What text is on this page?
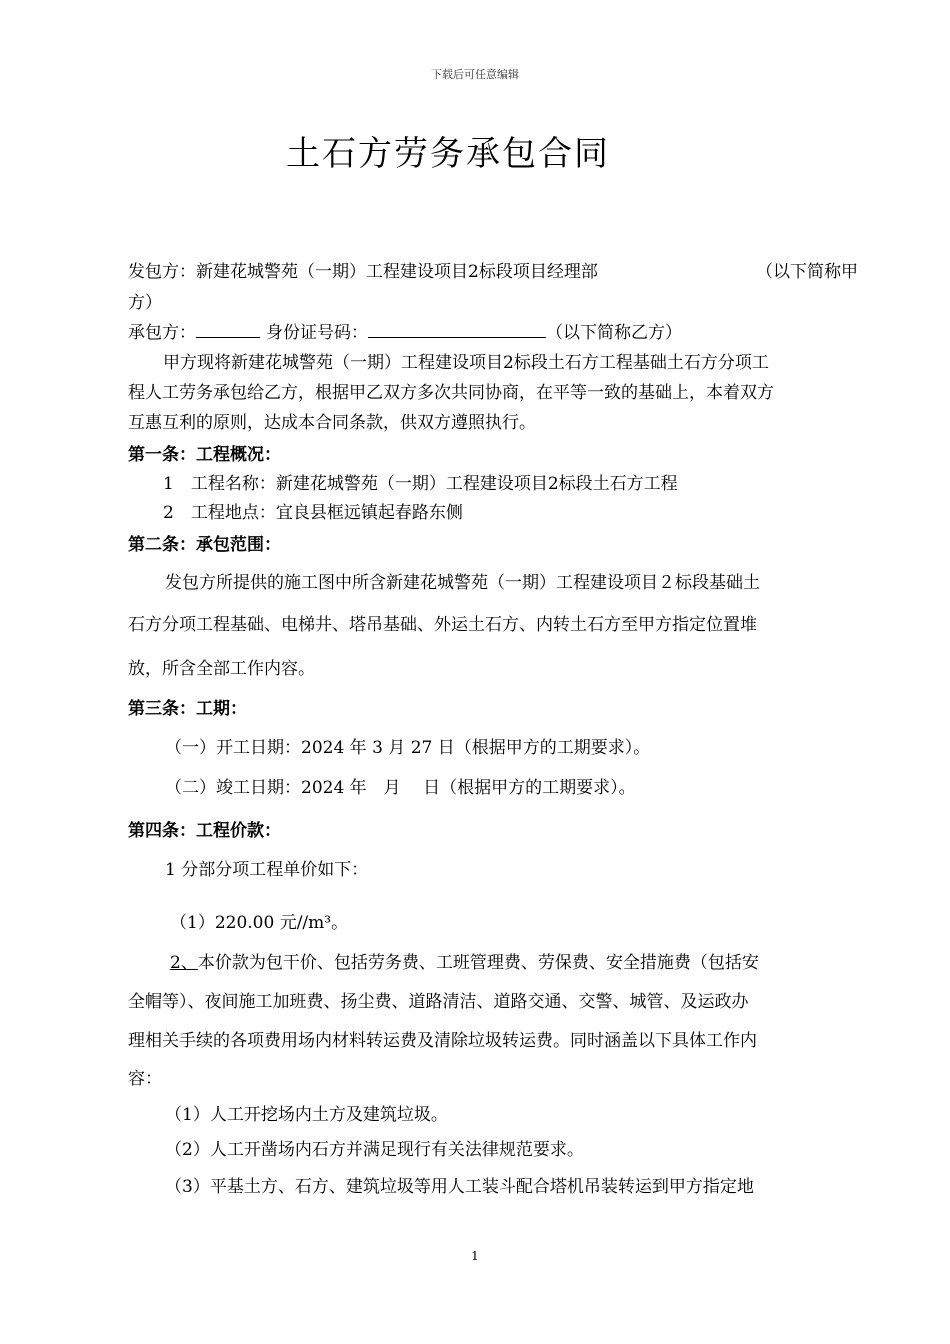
下载后可任意编辑
土石方劳务承包合同
发包方：新建花城警苑（一期）工程建设项目2标段项目经理部	（以下简称甲
方）
承包方：	身份证号码：	（以下简称乙方）
甲方现将新建花城警苑（一期）工程建设项目2标段土石方工程基础土石方分项工
程人工劳务承包给乙方，根据甲乙双方多次共同协商，在平等一致的基础上，本着双方
互惠互利的原则，达成本合同条款，供双方遵照执行。
第一条：工程概况：
1　工程名称：新建花城警苑（一期）工程建设项目2标段土石方工程
2　工程地点：宜良县框远镇起春路东侧
第二条：承包范围：
发包方所提供的施工图中所含新建花城警苑（一期）工程建设项目２标段基础土
石方分项工程基础、电梯井、塔吊基础、外运土石方、内转土石方至甲方指定位置堆
放，所含全部工作内容。
第三条：工期：
（一）开工日期：2024 年 3 月 27 日（根据甲方的工期要求）。
（二）竣工日期：2024 年　月　 日（根据甲方的工期要求）。
第四条：工程价款：
1 分部分项工程单价如下：
（1）220.00 元//m³。
2、本价款为包干价、包括劳务费、工班管理费、劳保费、安全措施费（包括安
全帽等）、夜间施工加班费、扬尘费、道路清洁、道路交通、交警、城管、及运政办
理相关手续的各项费用场内材料转运费及清除垃圾转运费。同时涵盖以下具体工作内
容：
（1）人工开挖场内土方及建筑垃圾。
（2）人工开凿场内石方并满足现行有关法律规范要求。
（3）平基土方、石方、建筑垃圾等用人工装斗配合塔机吊装转运到甲方指定地
1
